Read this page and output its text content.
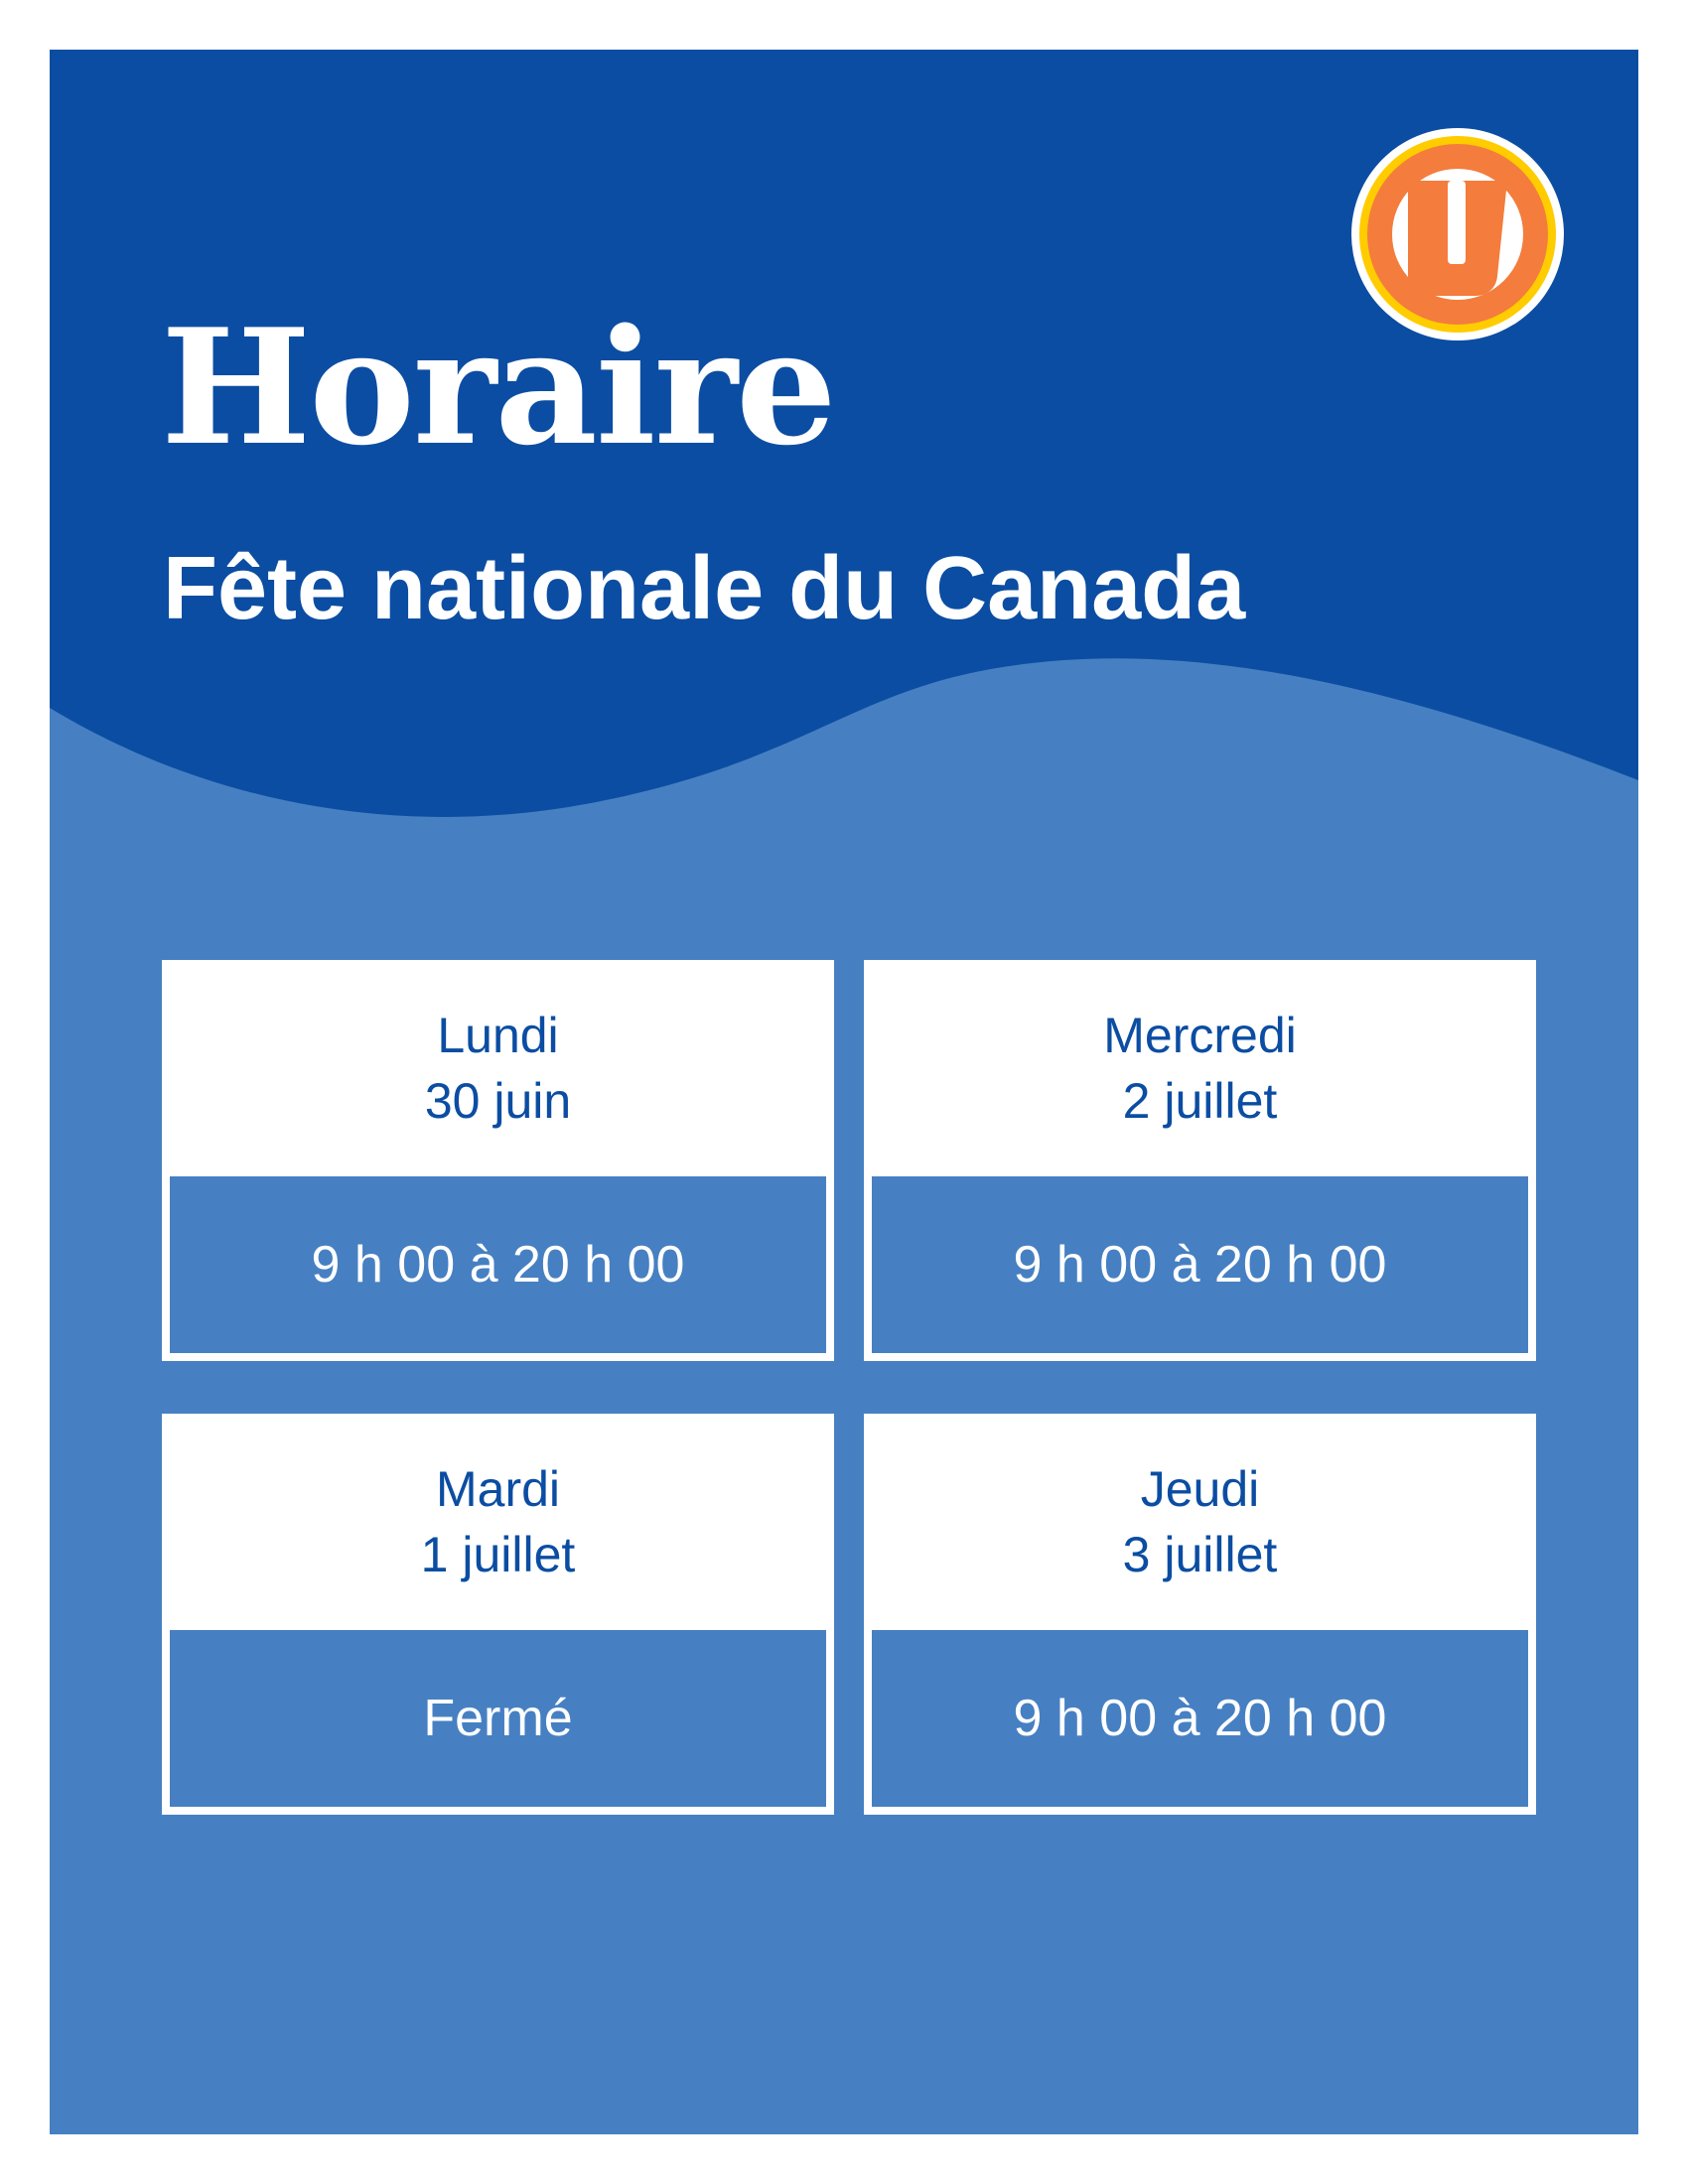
Horaire
Fête nationale du Canada
Lundi
30 juin
9 h 00 à 20 h 00
Mercredi
2 juillet
9 h 00 à 20 h 00
Mardi
1 juillet
Fermé
Jeudi
3 juillet
9 h 00 à 20 h 00
